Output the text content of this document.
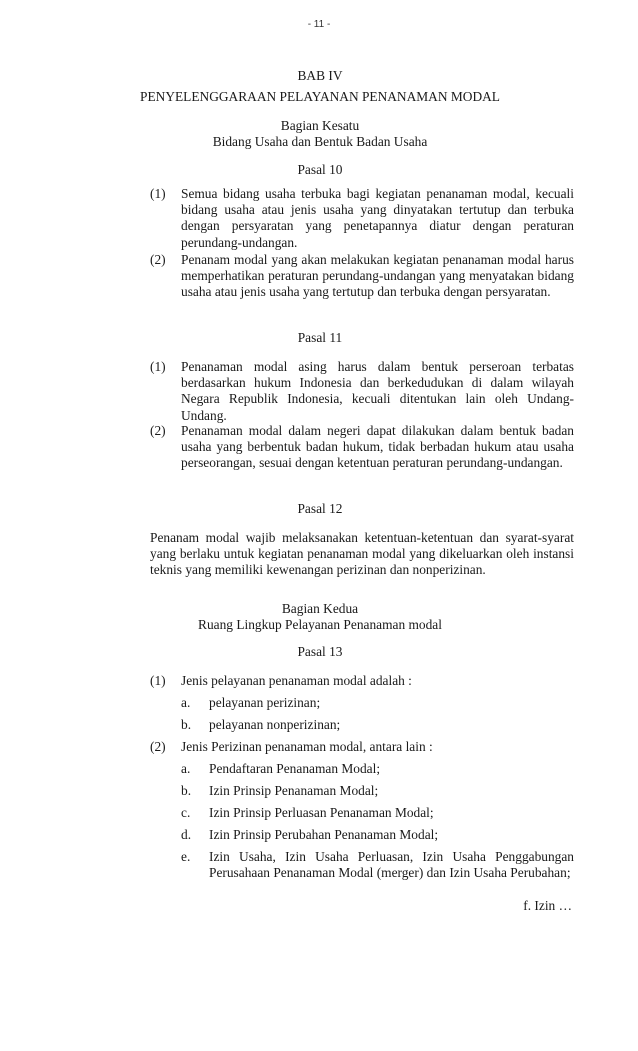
- 11 -
BAB IV
PENYELENGGARAAN PELAYANAN PENANAMAN MODAL
Bagian Kesatu
Bidang Usaha dan Bentuk Badan Usaha
Pasal 10
(1)	Semua bidang usaha terbuka bagi kegiatan penanaman modal, kecuali bidang usaha atau jenis usaha yang dinyatakan tertutup dan terbuka dengan persyaratan yang penetapannya diatur dengan peraturan perundang-undangan.
(2)	Penanam modal yang akan melakukan kegiatan penanaman modal harus memperhatikan peraturan perundang-undangan yang menyatakan bidang usaha atau jenis usaha yang tertutup dan terbuka dengan persyaratan.
Pasal 11
(1)	Penanaman modal asing harus dalam bentuk perseroan terbatas berdasarkan hukum Indonesia dan berkedudukan di dalam wilayah Negara Republik Indonesia, kecuali ditentukan lain oleh Undang-Undang.
(2)	Penanaman modal dalam negeri dapat dilakukan dalam bentuk badan usaha yang berbentuk badan hukum, tidak berbadan hukum atau usaha perseorangan, sesuai dengan ketentuan peraturan perundang-undangan.
Pasal 12
Penanam modal wajib melaksanakan ketentuan-ketentuan dan syarat-syarat yang berlaku untuk kegiatan penanaman modal yang dikeluarkan oleh instansi teknis yang memiliki kewenangan perizinan dan nonperizinan.
Bagian Kedua
Ruang Lingkup Pelayanan Penanaman modal
Pasal 13
(1)	Jenis pelayanan penanaman modal adalah :
a.	pelayanan perizinan;
b.	pelayanan nonperizinan;
(2)	Jenis Perizinan penanaman modal, antara lain :
a.	Pendaftaran Penanaman Modal;
b.	Izin Prinsip Penanaman Modal;
c.	Izin Prinsip Perluasan Penanaman Modal;
d.	Izin Prinsip Perubahan Penanaman Modal;
e.	Izin Usaha, Izin Usaha Perluasan, Izin Usaha Penggabungan Perusahaan Penanaman Modal (merger) dan Izin Usaha Perubahan;
f. Izin …
